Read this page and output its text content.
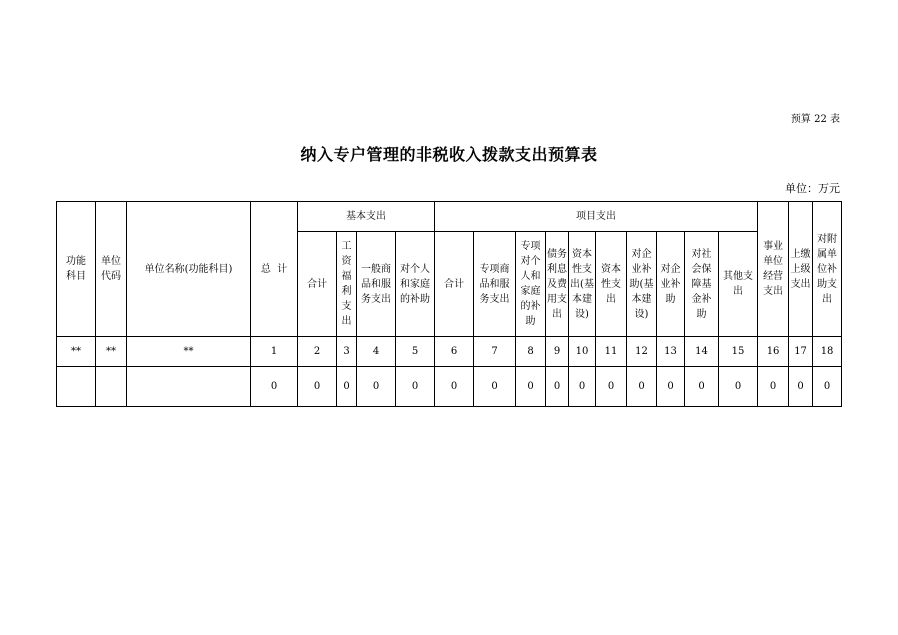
预算 22 表
纳入专户管理的非税收入拨款支出预算表
单位：万元
功能科目	单位代码	单位名称(功能科目)	总  计	基本支出				项目支出										事业单位经营支出	上缴上级支出	对附属单位补助支出

				合计	工资福利支出	一般商品和服务支出	对个人和家庭的补助	合计	专项商品和服务支出	专项对个人和家庭的补助	债务利息及费用支出	资本性支出(基本建设)	资本性支出	对企业补助(基本建设)	对企业补助	对社会保障基金补助	其他支出			

**	**	**	1	2	3	4	5	6	7	8	9	10	11	12	13	14	15	16	17	18
			0	0	0	0	0	0	0	0	0	0	0	0	0	0	0	0	0	0
